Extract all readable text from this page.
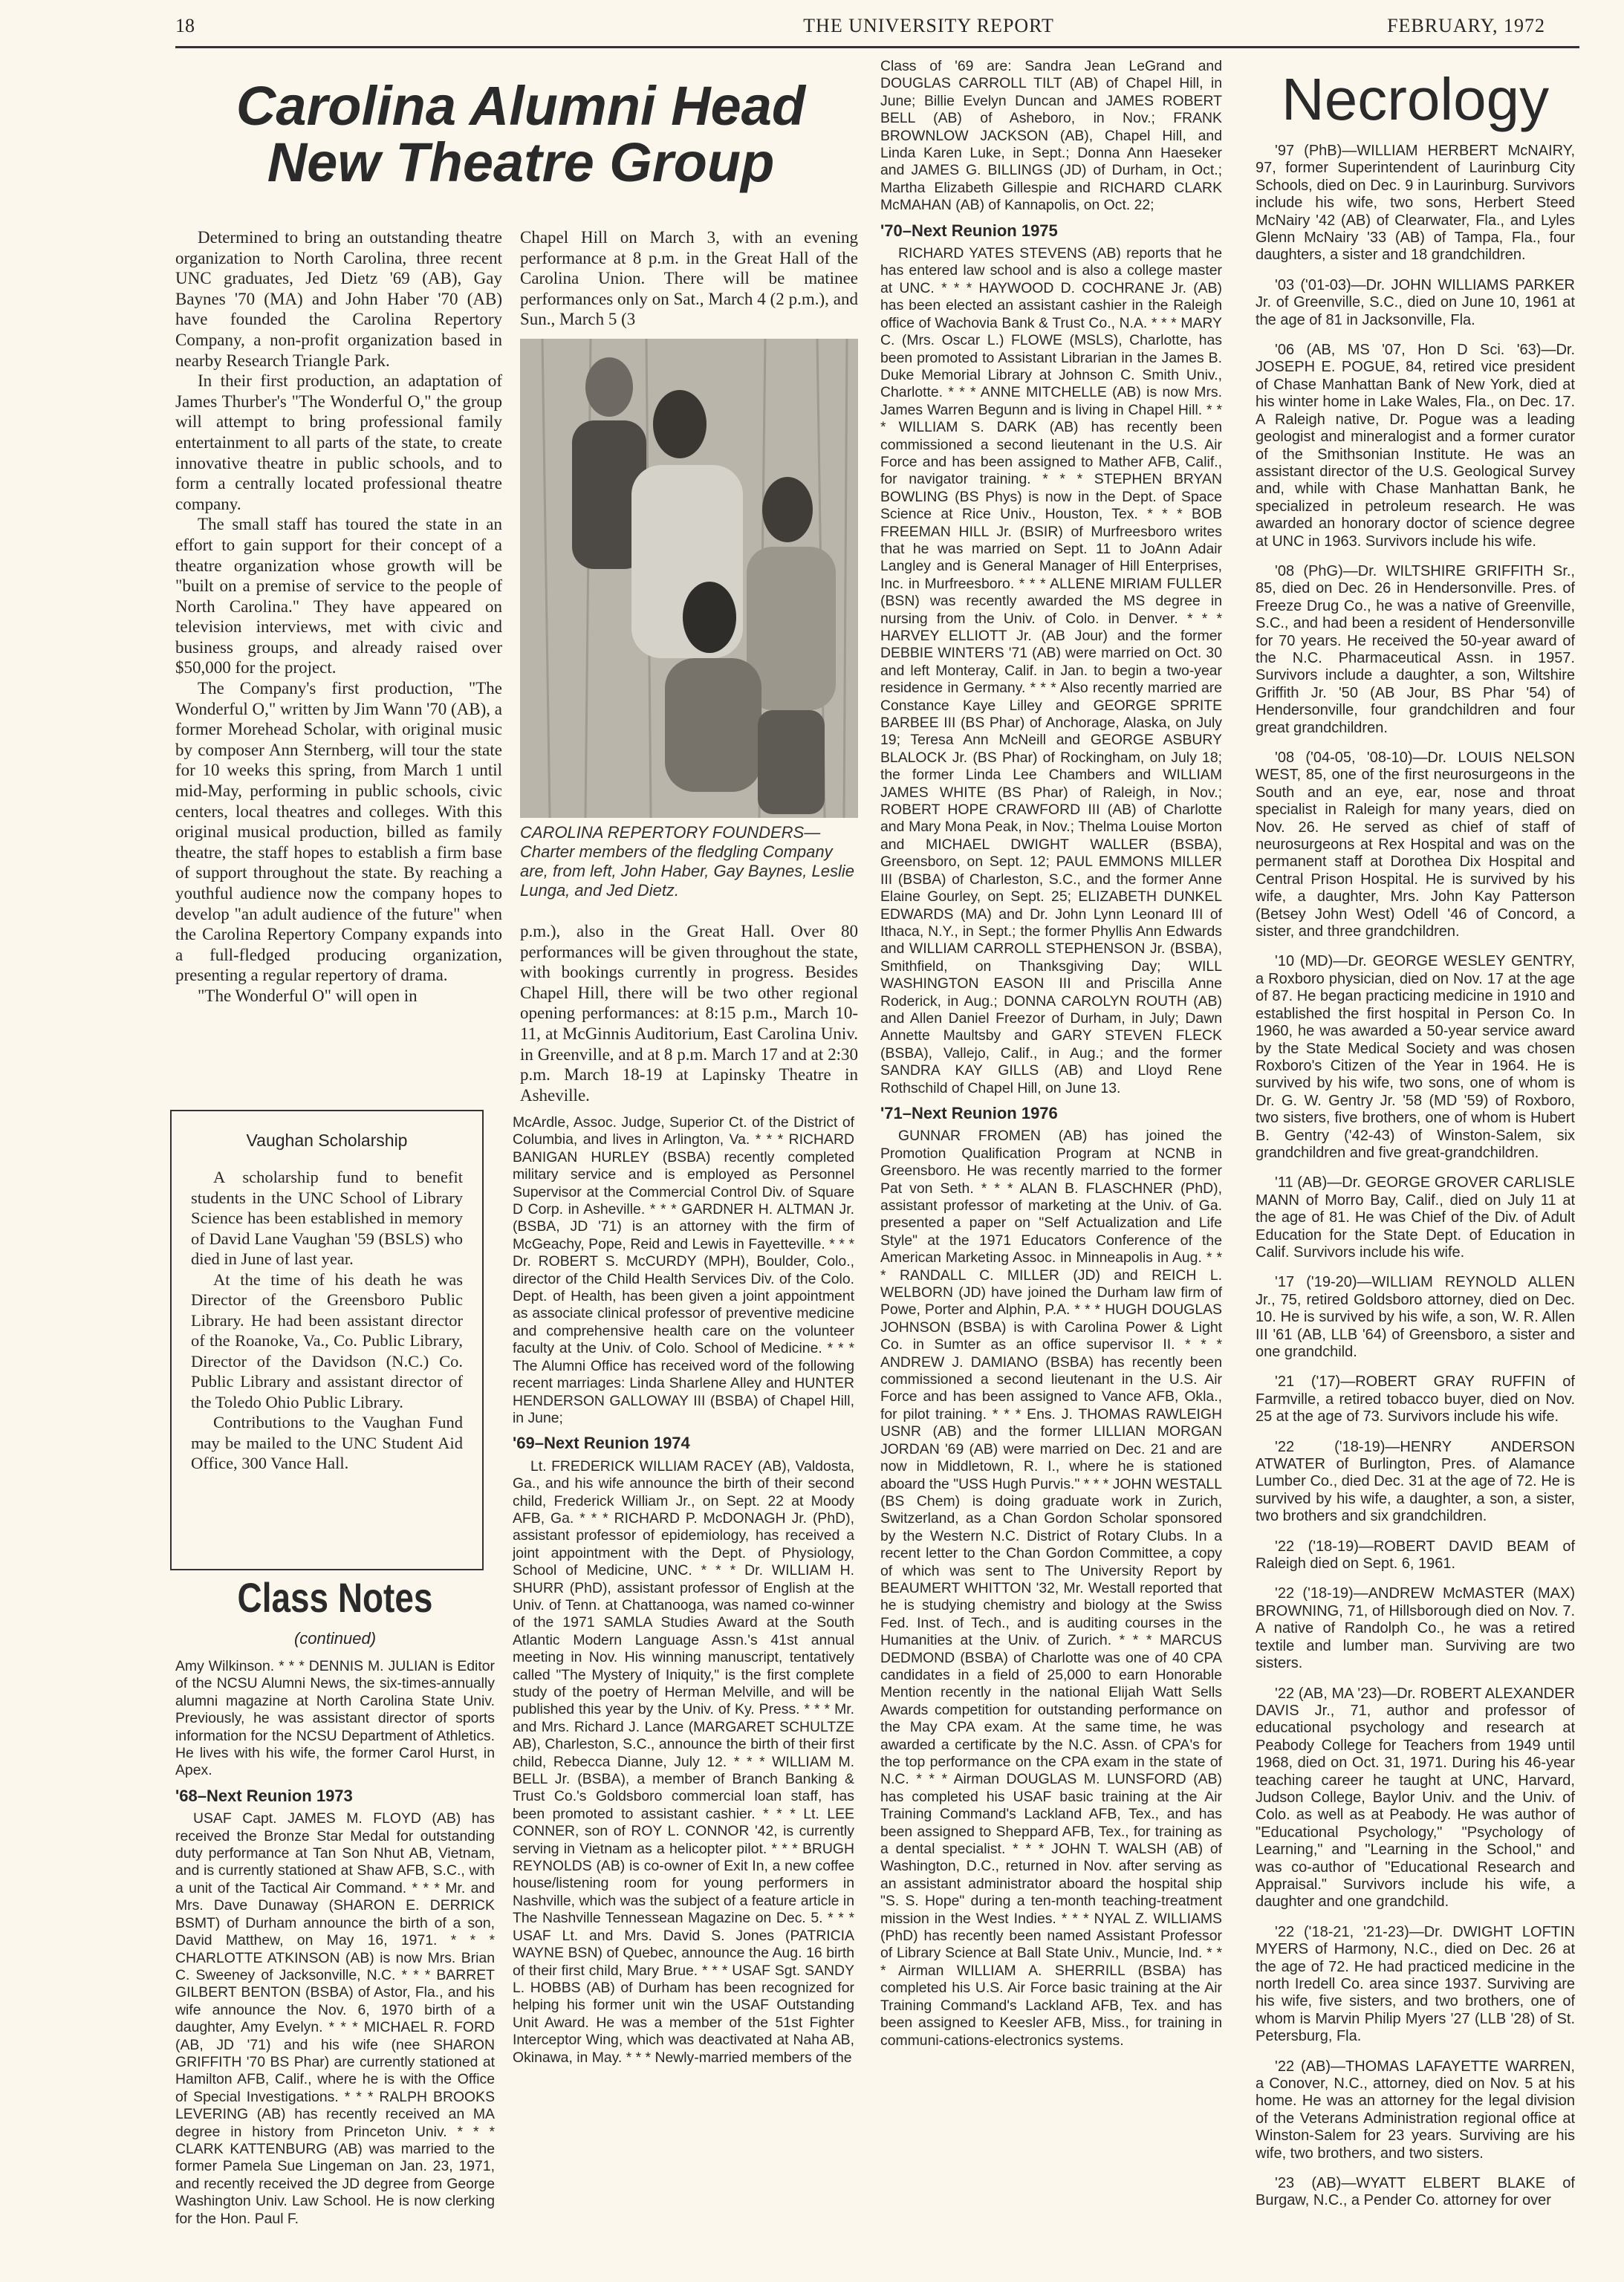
18	THE UNIVERSITY REPORT	FEBRUARY, 1972
Carolina Alumni Head
New Theatre Group

Determined to bring an outstanding theatre organization to North Carolina, three recent UNC graduates, Jed Dietz '69 (AB), Gay Baynes '70 (MA) and John Haber '70 (AB) have founded the Carolina Repertory Company, a non-profit organization based in nearby Research Triangle Park.

In their first production, an adaptation of James Thurber's "The Wonderful O," the group will attempt to bring professional family entertainment to all parts of the state, to create innovative theatre in public schools, and to form a centrally located professional theatre company.

The small staff has toured the state in an effort to gain support for their concept of a theatre organization whose growth will be "built on a premise of service to the people of North Carolina." They have appeared on television interviews, met with civic and business groups, and already raised over $50,000 for the project.

The Company's first production, "The Wonderful O," written by Jim Wann '70 (AB), a former Morehead Scholar, with original music by composer Ann Sternberg, will tour the state for 10 weeks this spring, from March 1 until mid-May, performing in public schools, civic centers, local theatres and colleges. With this original musical production, billed as family theatre, the staff hopes to establish a firm base of support throughout the state. By reaching a youthful audience now the company hopes to develop "an adult audience of the future" when the Carolina Repertory Company expands into a full-fledged producing organization, presenting a regular repertory of drama.

"The Wonderful O" will open in

Chapel Hill on March 3, with an evening performance at 8 p.m. in the Great Hall of the Carolina Union. There will be matinee performances only on Sat., March 4 (2 p.m.), and Sun., March 5 (3

CAROLINA REPERTORY FOUNDERS—Charter members of the fledgling Company are, from left, John Haber, Gay Baynes, Leslie Lunga, and Jed Dietz.

p.m.), also in the Great Hall. Over 80 performances will be given throughout the state, with bookings currently in progress. Besides Chapel Hill, there will be two other regional opening performances: at 8:15 p.m., March 10-11, at McGinnis Auditorium, East Carolina Univ. in Greenville, and at 8 p.m. March 17 and at 2:30 p.m. March 18-19 at Lapinsky Theatre in Asheville.

Vaughan Scholarship

A scholarship fund to benefit students in the UNC School of Library Science has been established in memory of David Lane Vaughan '59 (BSLS) who died in June of last year.

At the time of his death he was Director of the Greensboro Public Library. He had been assistant director of the Roanoke, Va., Co. Public Library, Director of the Davidson (N.C.) Co. Public Library and assistant director of the Toledo Ohio Public Library.

Contributions to the Vaughan Fund may be mailed to the UNC Student Aid Office, 300 Vance Hall.

Class Notes
(continued)

Amy Wilkinson. * * * DENNIS M. JULIAN is Editor of the NCSU Alumni News, the six-times-annually alumni magazine at North Carolina State Univ. Previously, he was assistant director of sports information for the NCSU Department of Athletics. He lives with his wife, the former Carol Hurst, in Apex.

'68–Next Reunion 1973

USAF Capt. JAMES M. FLOYD (AB) has received the Bronze Star Medal for outstanding duty performance at Tan Son Nhut AB, Vietnam, and is currently stationed at Shaw AFB, S.C., with a unit of the Tactical Air Command. * * * Mr. and Mrs. Dave Dunaway (SHARON E. DERRICK BSMT) of Durham announce the birth of a son, David Matthew, on May 16, 1971. * * * CHARLOTTE ATKINSON (AB) is now Mrs. Brian C. Sweeney of Jacksonville, N.C. * * * BARRET GILBERT BENTON (BSBA) of Astor, Fla., and his wife announce the Nov. 6, 1970 birth of a daughter, Amy Evelyn. * * * MICHAEL R. FORD (AB, JD '71) and his wife (nee SHARON GRIFFITH '70 BS Phar) are currently stationed at Hamilton AFB, Calif., where he is with the Office of Special Investigations. * * * RALPH BROOKS LEVERING (AB) has recently received an MA degree in history from Princeton Univ. * * * CLARK KATTENBURG (AB) was married to the former Pamela Sue Lingeman on Jan. 23, 1971, and recently received the JD degree from George Washington Univ. Law School. He is now clerking for the Hon. Paul F.

McArdle, Assoc. Judge, Superior Ct. of the District of Columbia, and lives in Arlington, Va. * * * RICHARD BANIGAN HURLEY (BSBA) recently completed military service and is employed as Personnel Supervisor at the Commercial Control Div. of Square D Corp. in Asheville. * * * GARDNER H. ALTMAN Jr. (BSBA, JD '71) is an attorney with the firm of McGeachy, Pope, Reid and Lewis in Fayetteville. * * * Dr. ROBERT S. McCURDY (MPH), Boulder, Colo., director of the Child Health Services Div. of the Colo. Dept. of Health, has been given a joint appointment as associate clinical professor of preventive medicine and comprehensive health care on the volunteer faculty at the Univ. of Colo. School of Medicine. * * * The Alumni Office has received word of the following recent marriages: Linda Sharlene Alley and HUNTER HENDERSON GALLOWAY III (BSBA) of Chapel Hill, in June;

'69–Next Reunion 1974

Lt. FREDERICK WILLIAM RACEY (AB), Valdosta, Ga., and his wife announce the birth of their second child, Frederick William Jr., on Sept. 22 at Moody AFB, Ga. * * * RICHARD P. McDONAGH Jr. (PhD), assistant professor of epidemiology, has received a joint appointment with the Dept. of Physiology, School of Medicine, UNC. * * * Dr. WILLIAM H. SHURR (PhD), assistant professor of English at the Univ. of Tenn. at Chattanooga, was named co-winner of the 1971 SAMLA Studies Award at the South Atlantic Modern Language Assn.'s 41st annual meeting in Nov. His winning manuscript, tentatively called "The Mystery of Iniquity," is the first complete study of the poetry of Herman Melville, and will be published this year by the Univ. of Ky. Press. * * * Mr. and Mrs. Richard J. Lance (MARGARET SCHULTZE AB), Charleston, S.C., announce the birth of their first child, Rebecca Dianne, July 12. * * * WILLIAM M. BELL Jr. (BSBA), a member of Branch Banking & Trust Co.'s Goldsboro commercial loan staff, has been promoted to assistant cashier. * * * Lt. LEE CONNER, son of ROY L. CONNOR '42, is currently serving in Vietnam as a helicopter pilot. * * * BRUGH REYNOLDS (AB) is co-owner of Exit In, a new coffee house/listening room for young performers in Nashville, which was the subject of a feature article in The Nashville Tennessean Magazine on Dec. 5. * * * USAF Lt. and Mrs. David S. Jones (PATRICIA WAYNE BSN) of Quebec, announce the Aug. 16 birth of their first child, Mary Brue. * * * USAF Sgt. SANDY L. HOBBS (AB) of Durham has been recognized for helping his former unit win the USAF Outstanding Unit Award. He was a member of the 51st Fighter Interceptor Wing, which was deactivated at Naha AB, Okinawa, in May. * * * Newly-married members of the

Class of '69 are: Sandra Jean LeGrand and DOUGLAS CARROLL TILT (AB) of Chapel Hill, in June; Billie Evelyn Duncan and JAMES ROBERT BELL (AB) of Asheboro, in Nov.; FRANK BROWNLOW JACKSON (AB), Chapel Hill, and Linda Karen Luke, in Sept.; Donna Ann Haeseker and JAMES G. BILLINGS (JD) of Durham, in Oct.; Martha Elizabeth Gillespie and RICHARD CLARK McMAHAN (AB) of Kannapolis, on Oct. 22;

'70–Next Reunion 1975

RICHARD YATES STEVENS (AB) reports that he has entered law school and is also a college master at UNC. * * * HAYWOOD D. COCHRANE Jr. (AB) has been elected an assistant cashier in the Raleigh office of Wachovia Bank & Trust Co., N.A. * * * MARY C. (Mrs. Oscar L.) FLOWE (MSLS), Charlotte, has been promoted to Assistant Librarian in the James B. Duke Memorial Library at Johnson C. Smith Univ., Charlotte. * * * ANNE MITCHELLE (AB) is now Mrs. James Warren Begunn and is living in Chapel Hill. * * * WILLIAM S. DARK (AB) has recently been commissioned a second lieutenant in the U.S. Air Force and has been assigned to Mather AFB, Calif., for navigator training. * * * STEPHEN BRYAN BOWLING (BS Phys) is now in the Dept. of Space Science at Rice Univ., Houston, Tex. * * * BOB FREEMAN HILL Jr. (BSIR) of Murfreesboro writes that he was married on Sept. 11 to JoAnn Adair Langley and is General Manager of Hill Enterprises, Inc. in Murfreesboro. * * * ALLENE MIRIAM FULLER (BSN) was recently awarded the MS degree in nursing from the Univ. of Colo. in Denver. * * * HARVEY ELLIOTT Jr. (AB Jour) and the former DEBBIE WINTERS '71 (AB) were married on Oct. 30 and left Monteray, Calif. in Jan. to begin a two-year residence in Germany. * * * Also recently married are Constance Kaye Lilley and GEORGE SPRITE BARBEE III (BS Phar) of Anchorage, Alaska, on July 19; Teresa Ann McNeill and GEORGE ASBURY BLALOCK Jr. (BS Phar) of Rockingham, on July 18; the former Linda Lee Chambers and WILLIAM JAMES WHITE (BS Phar) of Raleigh, in Nov.; ROBERT HOPE CRAWFORD III (AB) of Charlotte and Mary Mona Peak, in Nov.; Thelma Louise Morton and MICHAEL DWIGHT WALLER (BSBA), Greensboro, on Sept. 12; PAUL EMMONS MILLER III (BSBA) of Charleston, S.C., and the former Anne Elaine Gourley, on Sept. 25; ELIZABETH DUNKEL EDWARDS (MA) and Dr. John Lynn Leonard III of Ithaca, N.Y., in Sept.; the former Phyllis Ann Edwards and WILLIAM CARROLL STEPHENSON Jr. (BSBA), Smithfield, on Thanksgiving Day; WILL WASHINGTON EASON III and Priscilla Anne Roderick, in Aug.; DONNA CAROLYN ROUTH (AB) and Allen Daniel Freezor of Durham, in July; Dawn Annette Maultsby and GARY STEVEN FLECK (BSBA), Vallejo, Calif., in Aug.; and the former SANDRA KAY GILLS (AB) and Lloyd Rene Rothschild of Chapel Hill, on June 13.

'71–Next Reunion 1976

GUNNAR FROMEN (AB) has joined the Promotion Qualification Program at NCNB in Greensboro. He was recently married to the former Pat von Seth. * * * ALAN B. FLASCHNER (PhD), assistant professor of marketing at the Univ. of Ga. presented a paper on "Self Actualization and Life Style" at the 1971 Educators Conference of the American Marketing Assoc. in Minneapolis in Aug. * * * RANDALL C. MILLER (JD) and REICH L. WELBORN (JD) have joined the Durham law firm of Powe, Porter and Alphin, P.A. * * * HUGH DOUGLAS JOHNSON (BSBA) is with Carolina Power & Light Co. in Sumter as an office supervisor II. * * * ANDREW J. DAMIANO (BSBA) has recently been commissioned a second lieutenant in the U.S. Air Force and has been assigned to Vance AFB, Okla., for pilot training. * * * Ens. J. THOMAS RAWLEIGH USNR (AB) and the former LILLIAN MORGAN JORDAN '69 (AB) were married on Dec. 21 and are now in Middletown, R. I., where he is stationed aboard the "USS Hugh Purvis." * * * JOHN WESTALL (BS Chem) is doing graduate work in Zurich, Switzerland, as a Chan Gordon Scholar sponsored by the Western N.C. District of Rotary Clubs. In a recent letter to the Chan Gordon Committee, a copy of which was sent to The University Report by BEAUMERT WHITTON '32, Mr. Westall reported that he is studying chemistry and biology at the Swiss Fed. Inst. of Tech., and is auditing courses in the Humanities at the Univ. of Zurich. * * * MARCUS DEDMOND (BSBA) of Charlotte was one of 40 CPA candidates in a field of 25,000 to earn Honorable Mention recently in the national Elijah Watt Sells Awards competition for outstanding performance on the May CPA exam. At the same time, he was awarded a certificate by the N.C. Assn. of CPA's for the top performance on the CPA exam in the state of N.C. * * * Airman DOUGLAS M. LUNSFORD (AB) has completed his USAF basic training at the Air Training Command's Lackland AFB, Tex., and has been assigned to Sheppard AFB, Tex., for training as a dental specialist. * * * JOHN T. WALSH (AB) of Washington, D.C., returned in Nov. after serving as an assistant administrator aboard the hospital ship "S. S. Hope" during a ten-month teaching-treatment mission in the West Indies. * * * NYAL Z. WILLIAMS (PhD) has recently been named Assistant Professor of Library Science at Ball State Univ., Muncie, Ind. * * * Airman WILLIAM A. SHERRILL (BSBA) has completed his U.S. Air Force basic training at the Air Training Command's Lackland AFB, Tex. and has been assigned to Keesler AFB, Miss., for training in communi-cations-electronics systems.

Necrology

'97 (PhB)—WILLIAM HERBERT McNAIRY, 97, former Superintendent of Laurinburg City Schools, died on Dec. 9 in Laurinburg. Survivors include his wife, two sons, Herbert Steed McNairy '42 (AB) of Clearwater, Fla., and Lyles Glenn McNairy '33 (AB) of Tampa, Fla., four daughters, a sister and 18 grandchildren.

'03 ('01-03)—Dr. JOHN WILLIAMS PARKER Jr. of Greenville, S.C., died on June 10, 1961 at the age of 81 in Jacksonville, Fla.

'06 (AB, MS '07, Hon D Sci. '63)—Dr. JOSEPH E. POGUE, 84, retired vice president of Chase Manhattan Bank of New York, died at his winter home in Lake Wales, Fla., on Dec. 17. A Raleigh native, Dr. Pogue was a leading geologist and mineralogist and a former curator of the Smithsonian Institute. He was an assistant director of the U.S. Geological Survey and, while with Chase Manhattan Bank, he specialized in petroleum research. He was awarded an honorary doctor of science degree at UNC in 1963. Survivors include his wife.

'08 (PhG)—Dr. WILTSHIRE GRIFFITH Sr., 85, died on Dec. 26 in Hendersonville. Pres. of Freeze Drug Co., he was a native of Greenville, S.C., and had been a resident of Hendersonville for 70 years. He received the 50-year award of the N.C. Pharmaceutical Assn. in 1957. Survivors include a daughter, a son, Wiltshire Griffith Jr. '50 (AB Jour, BS Phar '54) of Hendersonville, four grandchildren and four great grandchildren.

'08 ('04-05, '08-10)—Dr. LOUIS NELSON WEST, 85, one of the first neurosurgeons in the South and an eye, ear, nose and throat specialist in Raleigh for many years, died on Nov. 26. He served as chief of staff of neurosurgeons at Rex Hospital and was on the permanent staff at Dorothea Dix Hospital and Central Prison Hospital. He is survived by his wife, a daughter, Mrs. John Kay Patterson (Betsey John West) Odell '46 of Concord, a sister, and three grandchildren.

'10 (MD)—Dr. GEORGE WESLEY GENTRY, a Roxboro physician, died on Nov. 17 at the age of 87. He began practicing medicine in 1910 and established the first hospital in Person Co. In 1960, he was awarded a 50-year service award by the State Medical Society and was chosen Roxboro's Citizen of the Year in 1964. He is survived by his wife, two sons, one of whom is Dr. G. W. Gentry Jr. '58 (MD '59) of Roxboro, two sisters, five brothers, one of whom is Hubert B. Gentry ('42-43) of Winston-Salem, six grandchildren and five great-grandchildren.

'11 (AB)—Dr. GEORGE GROVER CARLISLE MANN of Morro Bay, Calif., died on July 11 at the age of 81. He was Chief of the Div. of Adult Education for the State Dept. of Education in Calif. Survivors include his wife.

'17 ('19-20)—WILLIAM REYNOLD ALLEN Jr., 75, retired Goldsboro attorney, died on Dec. 10. He is survived by his wife, a son, W. R. Allen III '61 (AB, LLB '64) of Greensboro, a sister and one grandchild.

'21 ('17)—ROBERT GRAY RUFFIN of Farmville, a retired tobacco buyer, died on Nov. 25 at the age of 73. Survivors include his wife.

'22 ('18-19)—HENRY ANDERSON ATWATER of Burlington, Pres. of Alamance Lumber Co., died Dec. 31 at the age of 72. He is survived by his wife, a daughter, a son, a sister, two brothers and six grandchildren.

'22 ('18-19)—ROBERT DAVID BEAM of Raleigh died on Sept. 6, 1961.

'22 ('18-19)—ANDREW McMASTER (MAX) BROWNING, 71, of Hillsborough died on Nov. 7. A native of Randolph Co., he was a retired textile and lumber man. Surviving are two sisters.

'22 (AB, MA '23)—Dr. ROBERT ALEXANDER DAVIS Jr., 71, author and professor of educational psychology and research at Peabody College for Teachers from 1949 until 1968, died on Oct. 31, 1971. During his 46-year teaching career he taught at UNC, Harvard, Judson College, Baylor Univ. and the Univ. of Colo. as well as at Peabody. He was author of "Educational Psychology," "Psychology of Learning," and "Learning in the School," and was co-author of "Educational Research and Appraisal." Survivors include his wife, a daughter and one grandchild.

'22 ('18-21, '21-23)—Dr. DWIGHT LOFTIN MYERS of Harmony, N.C., died on Dec. 26 at the age of 72. He had practiced medicine in the north Iredell Co. area since 1937. Surviving are his wife, five sisters, and two brothers, one of whom is Marvin Philip Myers '27 (LLB '28) of St. Petersburg, Fla.

'22 (AB)—THOMAS LAFAYETTE WARREN, a Conover, N.C., attorney, died on Nov. 5 at his home. He was an attorney for the legal division of the Veterans Administration regional office at Winston-Salem for 23 years. Surviving are his wife, two brothers, and two sisters.

'23 (AB)—WYATT ELBERT BLAKE of Burgaw, N.C., a Pender Co. attorney for over
